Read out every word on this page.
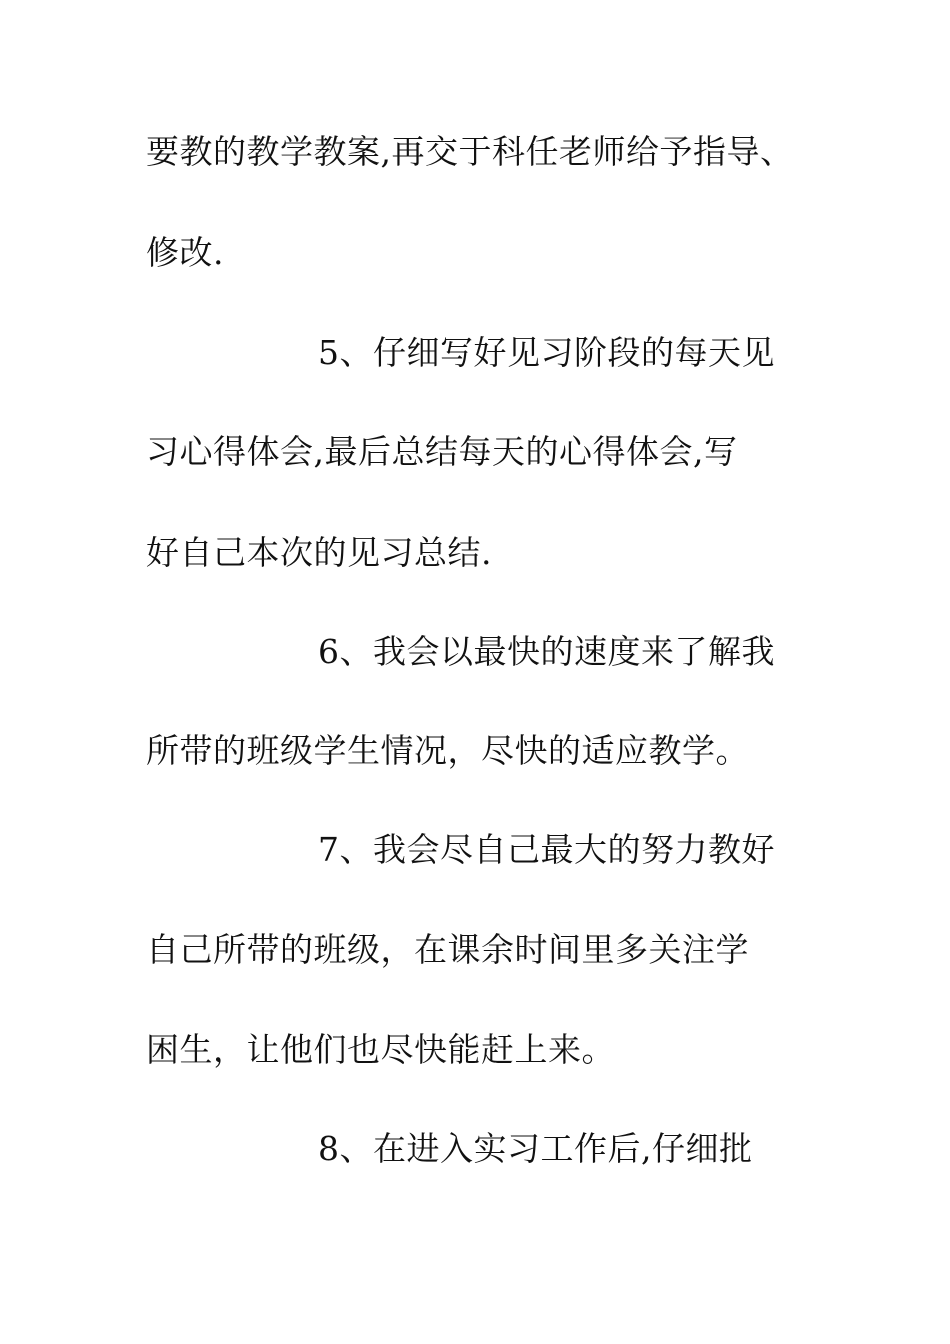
要教的教学教案,再交于科任老师给予指导、
修改.
5、仔细写好见习阶段的每天见
习心得体会,最后总结每天的心得体会,写
好自己本次的见习总结.
6、我会以最快的速度来了解我
所带的班级学生情况，尽快的适应教学。
7、我会尽自己最大的努力教好
自己所带的班级，在课余时间里多关注学
困生，让他们也尽快能赶上来。
8、在进入实习工作后,仔细批
